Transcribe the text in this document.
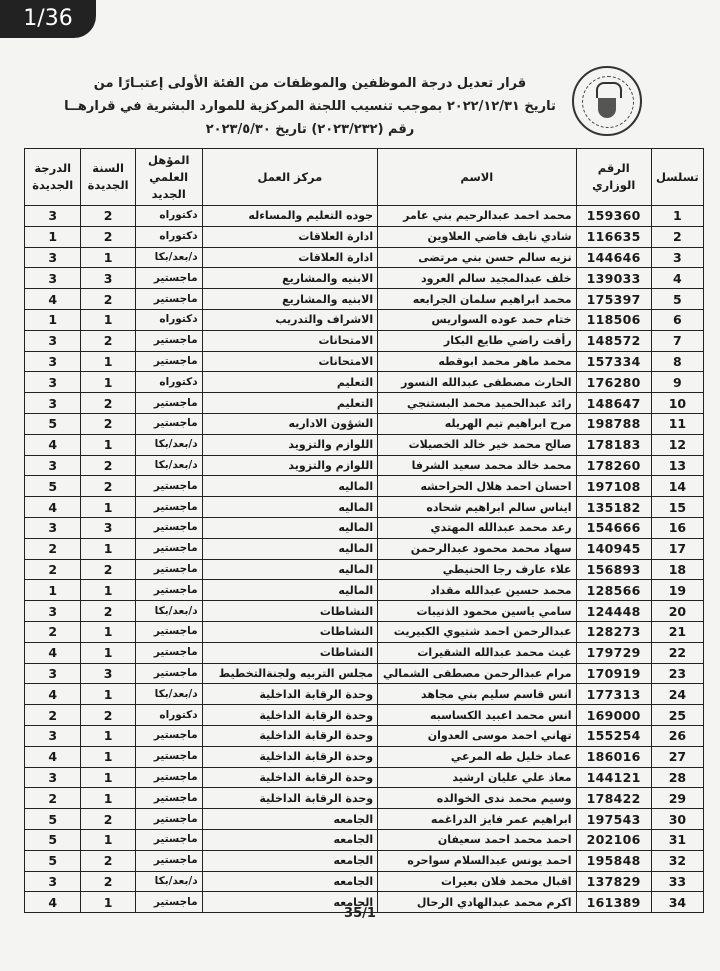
1/36
قرار تعديل درجة الموظفين والموظفات من الفئة الأولى إعتبـارًا من
تاريخ ٢٠٢٢/١٢/٣١ بموجب تنسيب اللجنة المركزية للموارد البشرية في قرارهــا
رقم (٢٠٢٣/٢٣٢) تاريخ ٢٠٢٣/٥/٣٠
تسلسل	الرقم الوزاري	الاسم	مركز العمل	المؤهل العلمي الجديد	السنة الجديدة	الدرجة الجديدة
1	159360	محمد احمد عبدالرحيم بني عامر	جوده التعليم والمساءله	دكتوراه	2	3
2	116635	شادي نايف فاضي العلاوين	ادارة العلاقات	دكتوراه	2	1
3	144646	نزيه سالم حسن بني مرتضى	ادارة العلاقات	د/بعد/بكا	1	3
4	139033	خلف عبدالمجيد سالم العرود	الابنيه والمشاريع	ماجستير	3	3
5	175397	محمد ابراهيم سلمان الجرابعه	الابنيه والمشاريع	ماجستير	2	4
6	118506	ختام حمد عوده السواريس	الاشراف والتدريب	دكتوراه	1	1
7	148572	رأفت راضي طايع البكار	الامتحانات	ماجستير	2	3
8	157334	محمد ماهر محمد ابوقطه	الامتحانات	ماجستير	1	3
9	176280	الحارث مصطفى عبدالله النسور	التعليم	دكتوراه	1	3
10	148647	رائد عبدالحميد محمد البستنجي	التعليم	ماجستير	2	3
11	198788	مرح ابراهيم تيم الهريله	الشؤون الاداريه	ماجستير	2	5
12	178183	صالح محمد خير خالد الخصيلات	اللوازم والتزويد	د/بعد/بكا	1	4
13	178260	محمد خالد محمد سعيد الشرفا	اللوازم والتزويد	د/بعد/بكا	2	3
14	197108	احسان احمد هلال الحراحشه	الماليه	ماجستير	2	5
15	135182	ايناس سالم ابراهيم شحاده	الماليه	ماجستير	1	4
16	154666	رعد محمد عبدالله المهتدي	الماليه	ماجستير	3	3
17	140945	سهاد محمد محمود عبدالرحمن	الماليه	ماجستير	1	2
18	156893	علاء عارف رجا الحنيطي	الماليه	ماجستير	2	2
19	128566	محمد حسين عبدالله مقداد	الماليه	ماجستير	1	1
20	124448	سامي ياسين محمود الذنيبات	النشاطات	د/بعد/بكا	2	3
21	128273	عبدالرحمن احمد شتيوي الكبيريت	النشاطات	ماجستير	1	2
22	179729	غيث محمد عبدالله الشقيرات	النشاطات	ماجستير	1	4
23	170919	مرام عبدالرحمن مصطفى الشمالي	مجلس التربيه ولجنةالتخطيط	ماجستير	3	3
24	177313	انس قاسم سليم بني مجاهد	وحدة الرقابة الداخلية	د/بعد/بكا	1	4
25	169000	انس محمد اعبيد الكساسبه	وحدة الرقابة الداخلية	دكتوراه	2	2
26	155254	تهاني احمد موسى العدوان	وحدة الرقابة الداخلية	ماجستير	1	3
27	186016	عماد خليل طه المرعي	وحدة الرقابة الداخلية	ماجستير	1	4
28	144121	معاذ علي عليان ارشيد	وحدة الرقابة الداخلية	ماجستير	1	3
29	178422	وسيم محمد ندى الخوالده	وحدة الرقابة الداخلية	ماجستير	1	2
30	197543	ابراهيم عمر فايز الدراغمه	الجامعه	ماجستير	2	5
31	202106	احمد محمد احمد سعيفان	الجامعه	ماجستير	1	5
32	195848	احمد يونس عبدالسلام سواحره	الجامعه	ماجستير	2	5
33	137829	اقبال محمد فلان بعيرات	الجامعه	د/بعد/بكا	2	3
34	161389	اكرم محمد عبدالهادي الرحال	الجامعه	ماجستير	1	4
35/1
